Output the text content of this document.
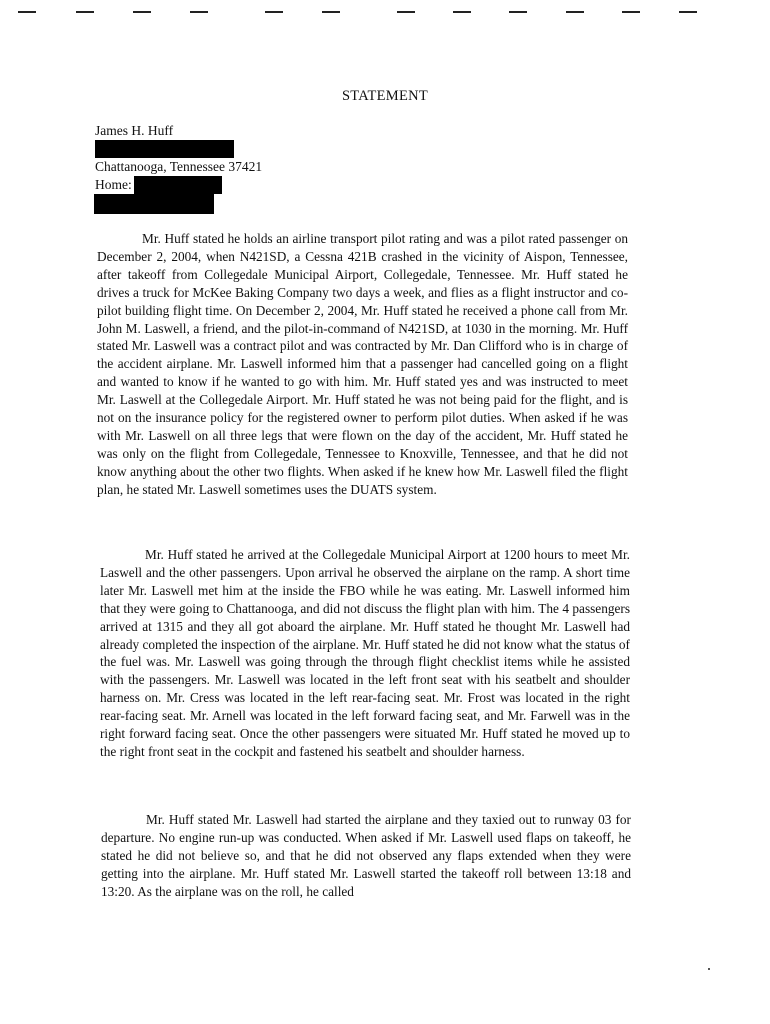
STATEMENT
James H. Huff
Chattanooga, Tennessee 37421
Home:
Mr. Huff stated he holds an airline transport pilot rating and was a pilot rated passenger on December 2, 2004, when N421SD, a Cessna 421B crashed in the vicinity of Aispon, Tennessee, after takeoff from Collegedale Municipal Airport, Collegedale, Tennessee. Mr. Huff stated he drives a truck for McKee Baking Company two days a week, and flies as a flight instructor and co-pilot building flight time. On December 2, 2004, Mr. Huff stated he received a phone call from Mr. John M. Laswell, a friend, and the pilot-in-command of N421SD, at 1030 in the morning. Mr. Huff stated Mr. Laswell was a contract pilot and was contracted by Mr. Dan Clifford who is in charge of the accident airplane. Mr. Laswell informed him that a passenger had cancelled going on a flight and wanted to know if he wanted to go with him. Mr. Huff stated yes and was instructed to meet Mr. Laswell at the Collegedale Airport. Mr. Huff stated he was not being paid for the flight, and is not on the insurance policy for the registered owner to perform pilot duties. When asked if he was with Mr. Laswell on all three legs that were flown on the day of the accident, Mr. Huff stated he was only on the flight from Collegedale, Tennessee to Knoxville, Tennessee, and that he did not know anything about the other two flights. When asked if he knew how Mr. Laswell filed the flight plan, he stated Mr. Laswell sometimes uses the DUATS system.
Mr. Huff stated he arrived at the Collegedale Municipal Airport at 1200 hours to meet Mr. Laswell and the other passengers. Upon arrival he observed the airplane on the ramp. A short time later Mr. Laswell met him at the inside the FBO while he was eating. Mr. Laswell informed him that they were going to Chattanooga, and did not discuss the flight plan with him. The 4 passengers arrived at 1315 and they all got aboard the airplane. Mr. Huff stated he thought Mr. Laswell had already completed the inspection of the airplane. Mr. Huff stated he did not know what the status of the fuel was. Mr. Laswell was going through the through flight checklist items while he assisted with the passengers. Mr. Laswell was located in the left front seat with his seatbelt and shoulder harness on. Mr. Cress was located in the left rear-facing seat. Mr. Frost was located in the right rear-facing seat. Mr. Arnell was located in the left forward facing seat, and Mr. Farwell was in the right forward facing seat. Once the other passengers were situated Mr. Huff stated he moved up to the right front seat in the cockpit and fastened his seatbelt and shoulder harness.
Mr. Huff stated Mr. Laswell had started the airplane and they taxied out to runway 03 for departure. No engine run-up was conducted. When asked if Mr. Laswell used flaps on takeoff, he stated he did not believe so, and that he did not observed any flaps extended when they were getting into the airplane. Mr. Huff stated Mr. Laswell started the takeoff roll between 13:18 and 13:20. As the airplane was on the roll, he called
